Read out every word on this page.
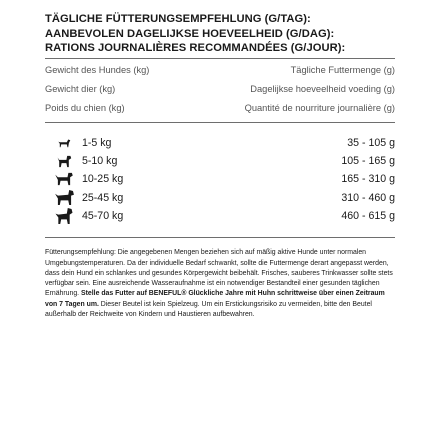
TÄGLICHE FÜTTERUNGSEMPFEHLUNG (G/TAG):
AANBEVOLEN DAGELIJKSE HOEVEELHEID (G/DAG):
RATIONS JOURNALIÈRES RECOMMANDÉES (G/JOUR):
Gewicht des Hundes (kg)	Tägliche Futtermenge (g)
Gewicht dier (kg)	Dagelijkse hoeveelheid voeding (g)
Poids du chien (kg)	Quantité de nourriture journalière (g)
1-5 kg	35 - 105 g
5-10 kg	105 - 165 g
10-25 kg	165 - 310 g
25-45 kg	310 - 460 g
45-70 kg	460 - 615 g
Fütterungsempfehlung: Die angegebenen Mengen beziehen sich auf mäßig aktive Hunde unter normalen Umgebungstemperaturen. Da der individuelle Bedarf schwankt, sollte die Futtermenge derart angepasst werden, dass dein Hund ein schlankes und gesundes Körpergewicht beibehält. Frisches, sauberes Trinkwasser sollte stets verfügbar sein. Eine ausreichende Wasseraufnahme ist ein notwendiger Bestandteil einer gesunden täglichen Ernährung. Stelle das Futter auf BENEFUL® Glückliche Jahre mit Huhn schrittweise über einen Zeitraum von 7 Tagen um. Dieser Beutel ist kein Spielzeug. Um ein Erstickungsrisiko zu vermeiden, bitte den Beutel außerhalb der Reichweite von Kindern und Haustieren aufbewahren.
